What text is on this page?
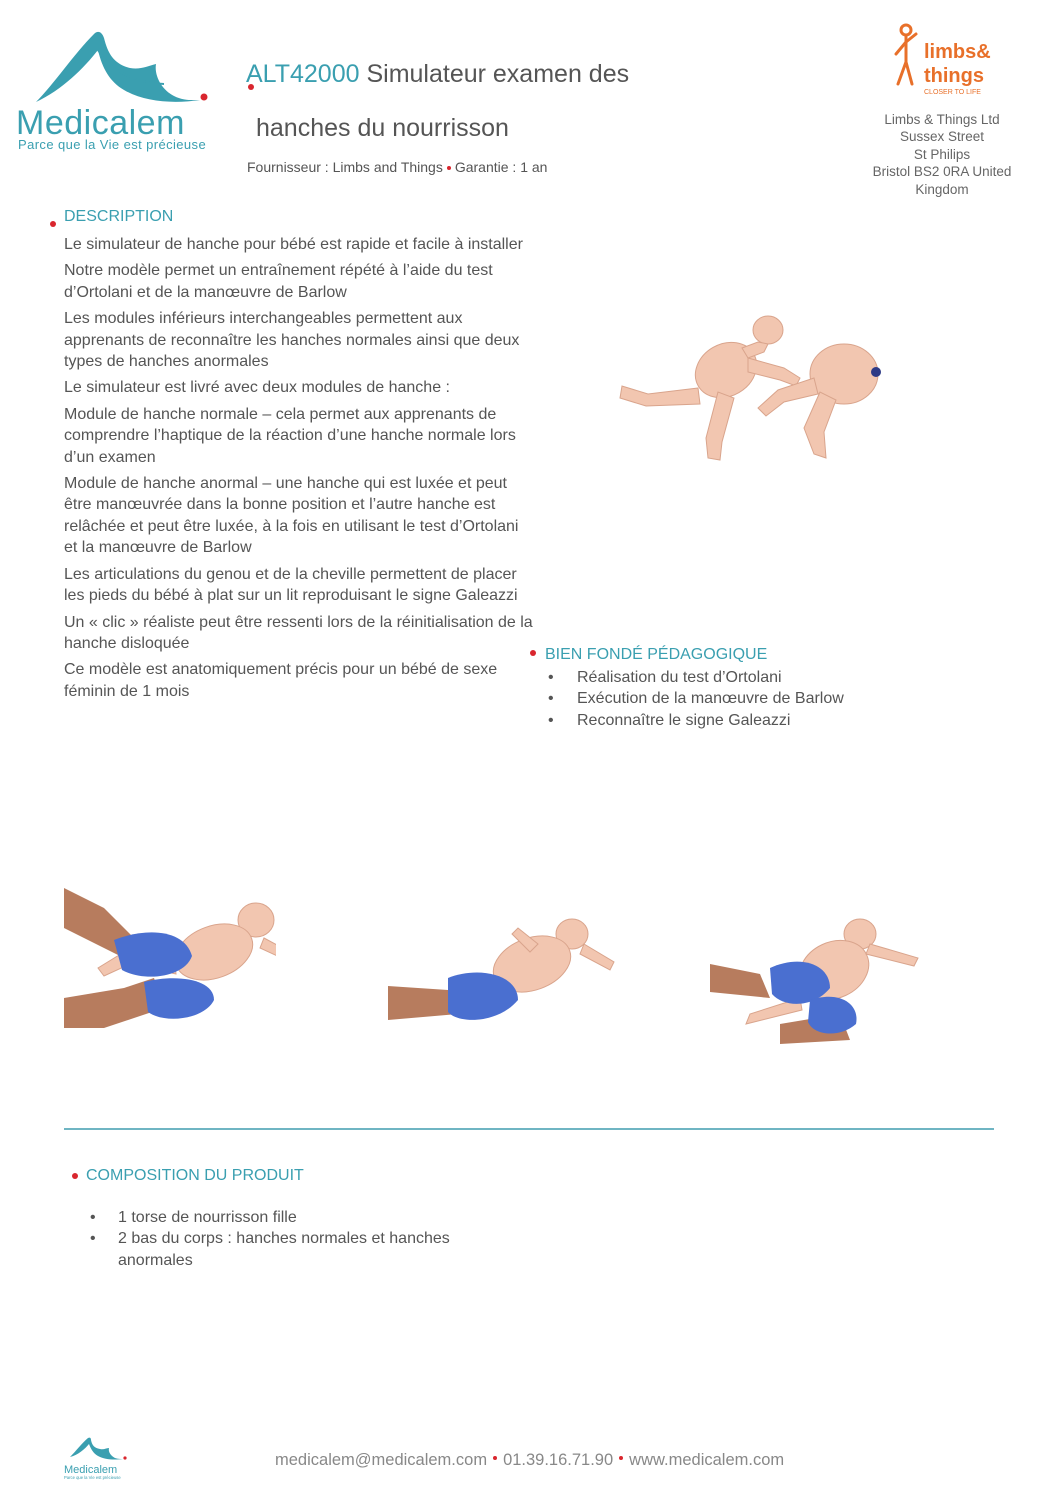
Medicalem
Parce que la Vie est précieuse
ALT42000 Simulateur examen des
hanches du nourrisson
Fournisseur : Limbs and Things Garantie : 1 an
limbs&
things
CLOSER TO LIFE
Limbs & Things Ltd
Sussex Street
St Philips
Bristol BS2 0RA United
Kingdom
DESCRIPTION

Le simulateur de hanche pour bébé est rapide et facile à installer

Notre modèle permet un entraînement répété à l’aide du test d’Ortolani et de la manœuvre de Barlow

Les modules inférieurs interchangeables permettent aux apprenants de reconnaître les hanches normales ainsi que deux types de hanches anormales

Le simulateur est livré avec deux modules de hanche :

Module de hanche normale – cela permet aux apprenants de comprendre l’haptique de la réaction d’une hanche normale lors d’un examen

Module de hanche anormal – une hanche qui est luxée et peut être manœuvrée dans la bonne position et l’autre hanche est relâchée et peut être luxée, à la fois en utilisant le test d’Ortolani et la manœuvre de Barlow

Les articulations du genou et de la cheville permettent de placer les pieds du bébé à plat sur un lit reproduisant le signe Galeazzi

Un « clic » réaliste peut être ressenti lors de la réinitialisation de la hanche disloquée

Ce modèle est anatomiquement précis pour un bébé de sexe féminin de 1 mois

BIEN FONDÉ PÉDAGOGIQUE
• Réalisation du test d’Ortolani
• Exécution de la manœuvre de Barlow
• Reconnaître le signe Galeazzi
COMPOSITION DU PRODUIT
• 1 torse de nourrisson fille
• 2 bas du corps : hanches normales et hanches anormales
Medicalem
Parce que la Vie est précieuse
medicalem@medicalem.com 01.39.16.71.90 www.medicalem.com
